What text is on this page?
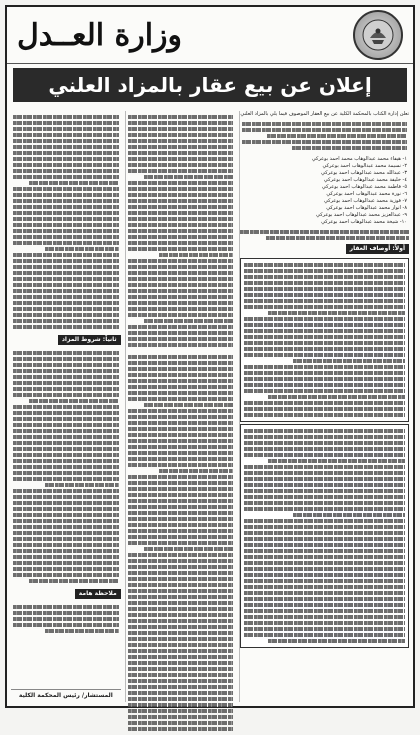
وزارة العــدل
إعلان عن بيع عقار بالمزاد العلني
تعلن إدارة الكتاب بالمحكمة الكلية عن بيع العقار الموصوف فيما يلي بالمزاد العلني
١- هيفاء محمد عبدالوهاب محمد احمد بوعركي
٢- نسيمة محمد عبدالوهاب احمد بوعركي
٣- عبدالله محمد عبدالوهاب احمد بوعركي
٤- خليفة محمد عبدالوهاب احمد بوعركي
٥- فاطمة محمد عبدالوهاب احمد بوعركي
٦- نورة محمد عبدالوهاب احمد بوعركي
٧- فوزية محمد عبدالوهاب احمد بوعركي
٨- انوار محمد عبدالوهاب احمد بوعركي
٩- عبدالعزيز محمد عبدالوهاب احمد بوعركي
١٠- شيخة محمد عبدالوهاب احمد بوعركي
أولاً: أوصاف العقار
ثانياً: شروط المزاد
ملاحظة هامة
المستشار/ رئيس المحكمة الكلية
